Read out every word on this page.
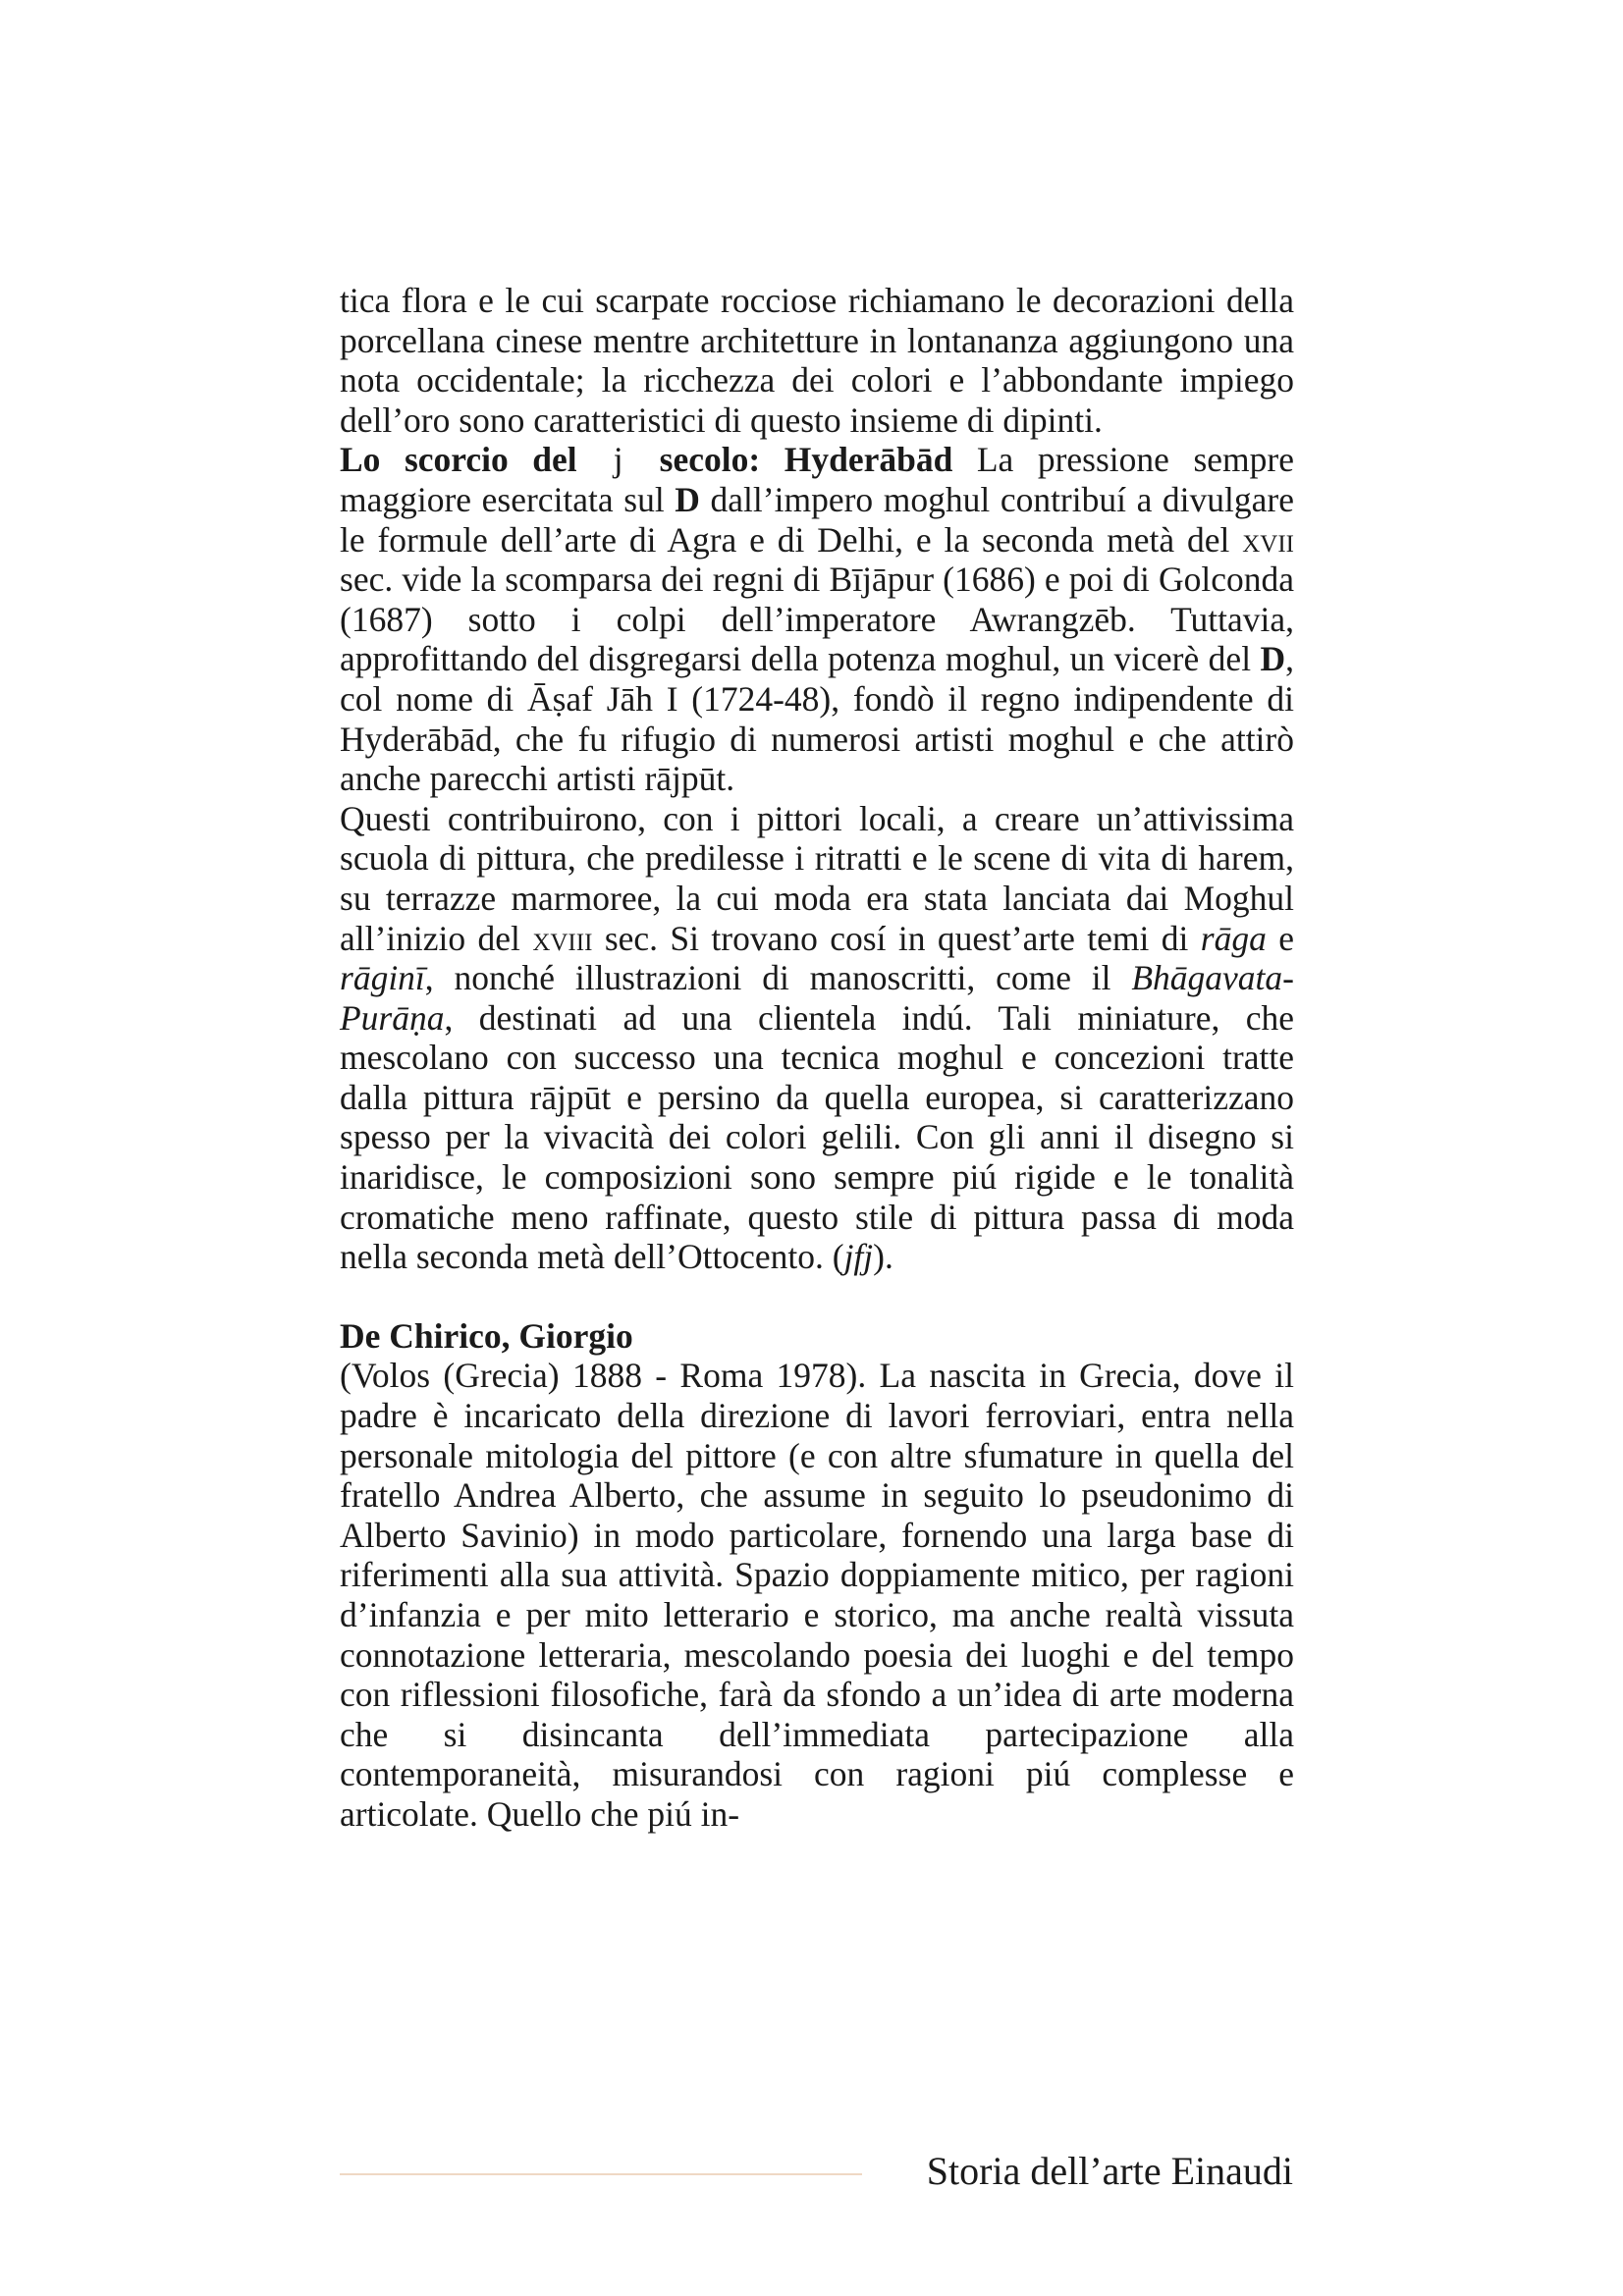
tica flora e le cui scarpate rocciose richiamano le decorazioni della porcellana cinese mentre architetture in lontananza aggiungono una nota occidentale; la ricchezza dei colori e l’abbondante impiego dell’oro sono caratteristici di questo insieme di dipinti.

Lo scorcio del j secolo: Hyderābād La pressione sempre maggiore esercitata sul D dall’impero moghul contribuí a divulgare le formule dell’arte di Agra e di Delhi, e la seconda metà del xvii sec. vide la scomparsa dei regni di Bījāpur (1686) e poi di Golconda (1687) sotto i colpi dell’imperatore Awrangzēb. Tuttavia, approfittando del disgregarsi della potenza moghul, un vicerè del D, col nome di Āṣaf Jāh I (1724-48), fondò il regno indipendente di Hyderābād, che fu rifugio di numerosi artisti moghul e che attirò anche parecchi artisti rājpūt.

Questi contribuirono, con i pittori locali, a creare un’attivissima scuola di pittura, che predilesse i ritratti e le scene di vita di harem, su terrazze marmoree, la cui moda era stata lanciata dai Moghul all’inizio del xviii sec. Si trovano cosí in quest’arte temi di rāga e rāginī, nonché illustrazioni di manoscritti, come il Bhāgavata-Purāṇa, destinati ad una clientela indú. Tali miniature, che mescolano con successo una tecnica moghul e concezioni tratte dalla pittura rājpūt e persino da quella europea, si caratterizzano spesso per la vivacità dei colori gelili. Con gli anni il disegno si inaridisce, le composizioni sono sempre piú rigide e le tonalità cromatiche meno raffinate, questo stile di pittura passa di moda nella seconda metà dell’Ottocento. (jfj).

De Chirico, Giorgio

(Volos (Grecia) 1888 - Roma 1978). La nascita in Grecia, dove il padre è incaricato della direzione di lavori ferroviari, entra nella personale mitologia del pittore (e con altre sfumature in quella del fratello Andrea Alberto, che assume in seguito lo pseudonimo di Alberto Savinio) in modo particolare, fornendo una larga base di riferimenti alla sua attività. Spazio doppiamente mitico, per ragioni d’infanzia e per mito letterario e storico, ma anche realtà vissuta connotazione letteraria, mescolando poesia dei luoghi e del tempo con riflessioni filosofiche, farà da sfondo a un’idea di arte moderna che si disincanta dell’immediata partecipazione alla contemporaneità, misurandosi con ragioni piú complesse e articolate. Quello che piú in-

Storia dell’arte Einaudi
